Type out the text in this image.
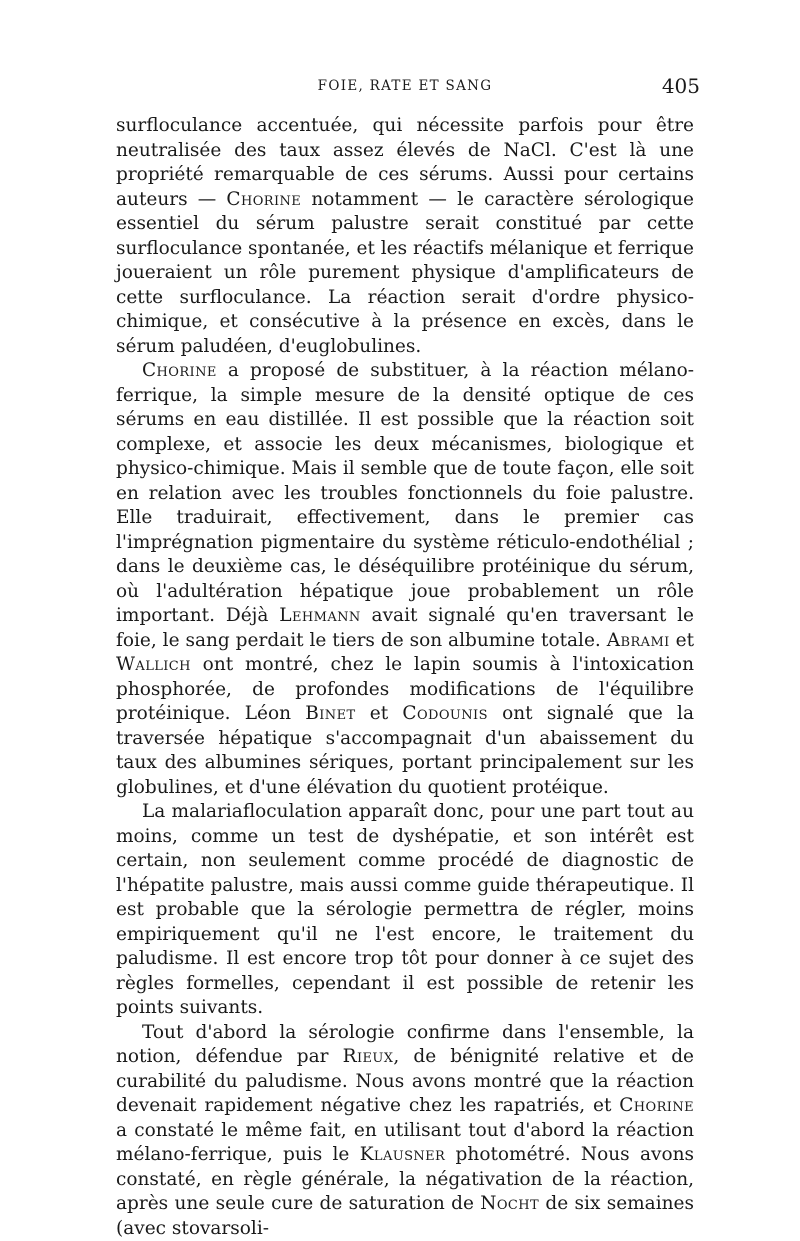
FOIE, RATE ET SANG	405

surfloculance accentuée, qui nécessite parfois pour être neutralisée des taux assez élevés de NaCl. C'est là une propriété remarquable de ces sérums. Aussi pour certains auteurs — Chorine notamment — le caractère sérologique essentiel du sérum palustre serait constitué par cette surfloculance spontanée, et les réactifs mélanique et ferrique joueraient un rôle purement physique d'amplificateurs de cette surfloculance. La réaction serait d'ordre physico-chimique, et consécutive à la présence en excès, dans le sérum paludéen, d'euglobulines.

Chorine a proposé de substituer, à la réaction mélano-ferrique, la simple mesure de la densité optique de ces sérums en eau distillée. Il est possible que la réaction soit complexe, et associe les deux mécanismes, biologique et physico-chimique. Mais il semble que de toute façon, elle soit en relation avec les troubles fonctionnels du foie palustre. Elle traduirait, effectivement, dans le premier cas l'imprégnation pigmentaire du système réticulo-endothélial ; dans le deuxième cas, le déséquilibre protéinique du sérum, où l'adultération hépatique joue probablement un rôle important. Déjà Lehmann avait signalé qu'en traversant le foie, le sang perdait le tiers de son albumine totale. Abrami et Wallich ont montré, chez le lapin soumis à l'intoxication phosphorée, de profondes modifications de l'équilibre protéinique. Léon Binet et Codounis ont signalé que la traversée hépatique s'accompagnait d'un abaissement du taux des albumines sériques, portant principalement sur les globulines, et d'une élévation du quotient protéique.

La malariafloculation apparaît donc, pour une part tout au moins, comme un test de dyshépatie, et son intérêt est certain, non seulement comme procédé de diagnostic de l'hépatite palustre, mais aussi comme guide thérapeutique. Il est probable que la sérologie permettra de régler, moins empiriquement qu'il ne l'est encore, le traitement du paludisme. Il est encore trop tôt pour donner à ce sujet des règles formelles, cependant il est possible de retenir les points suivants.

Tout d'abord la sérologie confirme dans l'ensemble, la notion, défendue par Rieux, de bénignité relative et de curabilité du paludisme. Nous avons montré que la réaction devenait rapidement négative chez les rapatriés, et Chorine a constaté le même fait, en utilisant tout d'abord la réaction mélano-ferrique, puis le Klausner photométré. Nous avons constaté, en règle générale, la négativation de la réaction, après une seule cure de saturation de Nocht de six semaines (avec stovarsoli-
